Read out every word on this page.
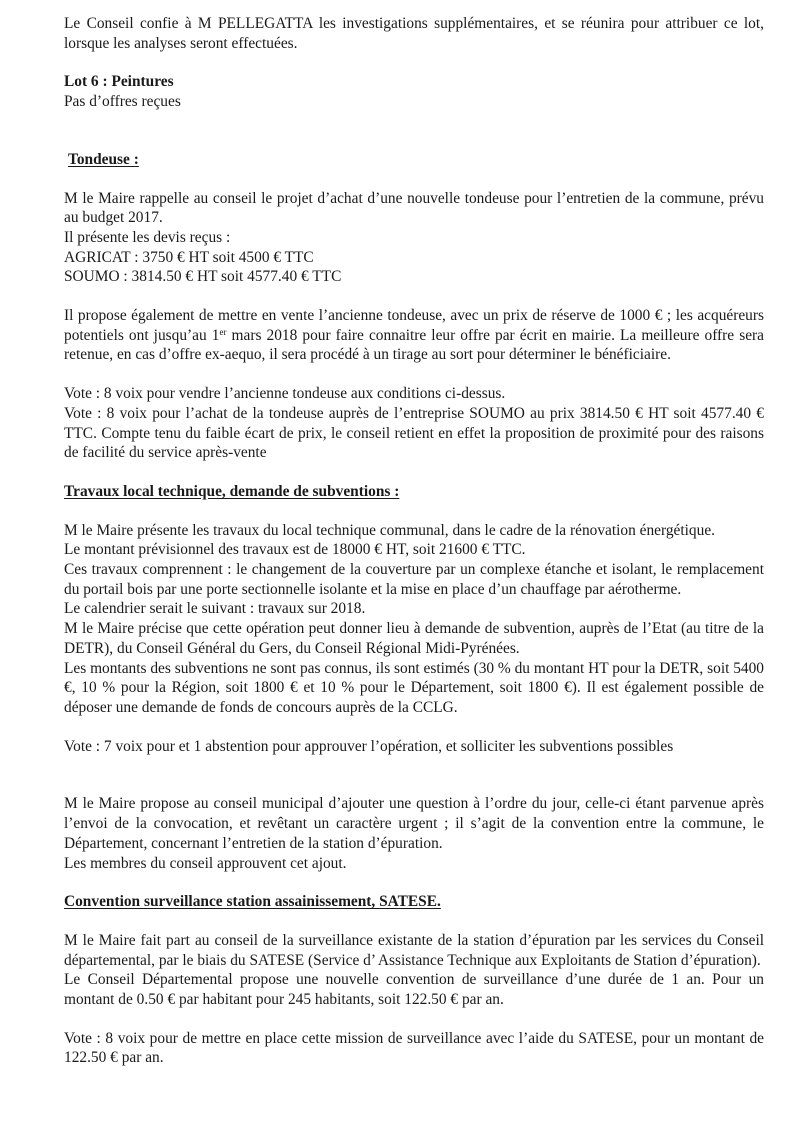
Le Conseil confie à M PELLEGATTA les investigations supplémentaires, et se réunira pour attribuer ce lot, lorsque les analyses seront effectuées.

Lot 6 : Peintures
Pas d’offres reçues
Tondeuse :

M le Maire rappelle au conseil le projet d’achat d’une nouvelle tondeuse pour l’entretien de la commune, prévu au budget 2017.

Il présente les devis reçus :
AGRICAT : 3750 € HT soit 4500 € TTC
SOUMO : 3814.50 € HT soit 4577.40 € TTC

Il propose également de mettre en vente l’ancienne tondeuse, avec un prix de réserve de 1000 € ; les acquéreurs potentiels ont jusqu’au 1er mars 2018 pour faire connaitre leur offre par écrit en mairie. La meilleure offre sera retenue, en cas d’offre ex-aequo, il sera procédé à un tirage au sort pour déterminer le bénéficiaire.

Vote : 8 voix pour vendre l’ancienne tondeuse aux conditions ci-dessus.

Vote : 8 voix pour l’achat de la tondeuse auprès de l’entreprise SOUMO au prix 3814.50 € HT soit 4577.40 € TTC. Compte tenu du faible écart de prix, le conseil retient en effet la proposition de proximité pour des raisons de facilité du service après-vente

Travaux local technique, demande de subventions :

M le Maire présente les travaux du local technique communal, dans le cadre de la rénovation énergétique.

Le montant prévisionnel des travaux est de 18000 € HT, soit 21600 € TTC.

Ces travaux comprennent : le changement de la couverture par un complexe étanche et isolant, le remplacement du portail bois par une porte sectionnelle isolante et la mise en place d’un chauffage par aérotherme.

Le calendrier serait le suivant : travaux sur 2018.

M le Maire précise que cette opération peut donner lieu à demande de subvention, auprès de l’Etat (au titre de la DETR), du Conseil Général du Gers, du Conseil Régional Midi-Pyrénées.

Les montants des subventions ne sont pas connus, ils sont estimés (30 % du montant HT pour la DETR, soit 5400 €, 10 % pour la Région, soit 1800 € et 10 % pour le Département, soit 1800 €). Il est également possible de déposer une demande de fonds de concours auprès de la CCLG.

Vote : 7 voix pour et 1 abstention pour approuver l’opération, et solliciter les subventions possibles

M le Maire propose au conseil municipal d’ajouter une question à l’ordre du jour, celle-ci étant parvenue après l’envoi de la convocation, et revêtant un caractère urgent ; il s’agit de la convention entre la commune, le Département, concernant l’entretien de la station d’épuration.

Les membres du conseil approuvent cet ajout.

Convention surveillance station assainissement, SATESE.

M le Maire fait part au conseil de la surveillance existante de la station d’épuration par les services du Conseil départemental, par le biais du SATESE (Service d’ Assistance Technique aux Exploitants de Station d’épuration).

Le Conseil Départemental propose une nouvelle convention de surveillance d’une durée de 1 an. Pour un montant de 0.50 € par habitant pour 245 habitants, soit 122.50 € par an.

Vote : 8 voix pour de mettre en place cette mission de surveillance avec l’aide du SATESE, pour un montant de 122.50 € par an.
